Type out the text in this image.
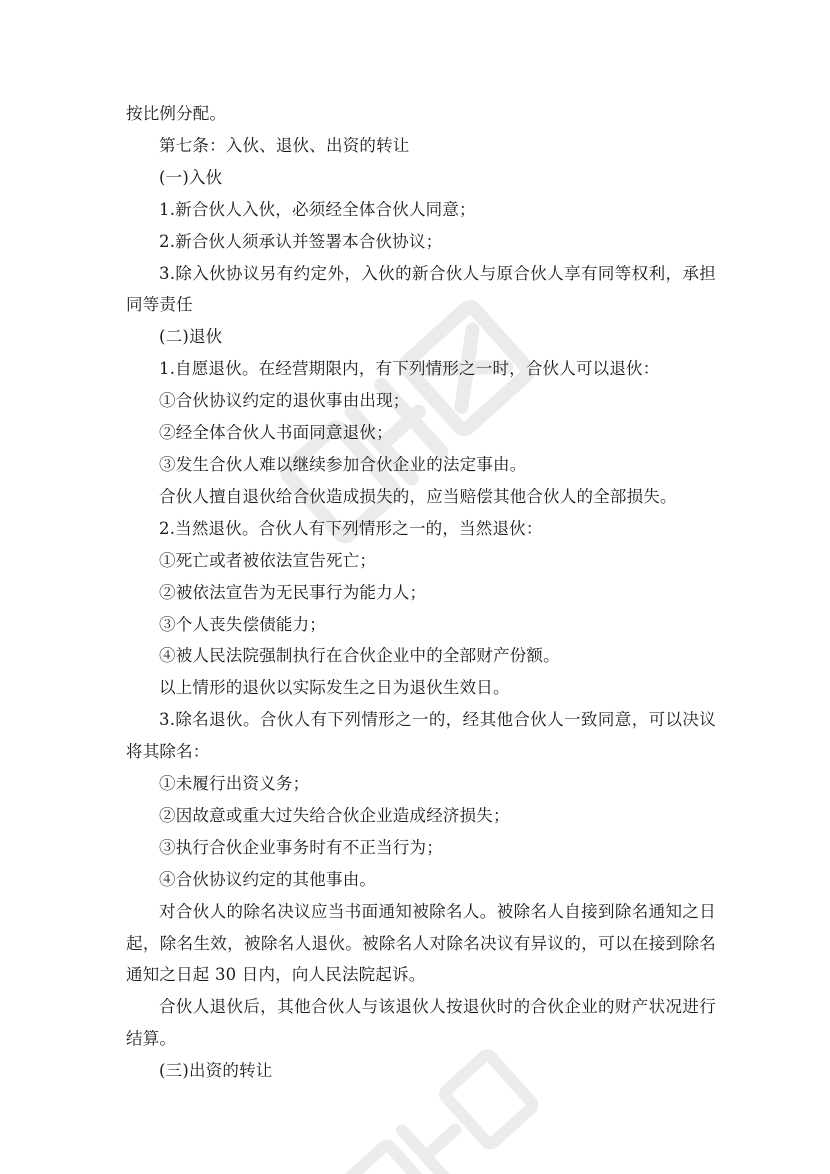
按比例分配。
第七条：入伙、退伙、出资的转让
(一)入伙
1.新合伙人入伙，必须经全体合伙人同意；
2.新合伙人须承认并签署本合伙协议；
3.除入伙协议另有约定外，入伙的新合伙人与原合伙人享有同等权利，承担同等责任
(二)退伙
1.自愿退伙。在经营期限内，有下列情形之一时，合伙人可以退伙：
①合伙协议约定的退伙事由出现；
②经全体合伙人书面同意退伙；
③发生合伙人难以继续参加合伙企业的法定事由。
合伙人擅自退伙给合伙造成损失的，应当赔偿其他合伙人的全部损失。
2.当然退伙。合伙人有下列情形之一的，当然退伙：
①死亡或者被依法宣告死亡；
②被依法宣告为无民事行为能力人；
③个人丧失偿债能力；
④被人民法院强制执行在合伙企业中的全部财产份额。
以上情形的退伙以实际发生之日为退伙生效日。
3.除名退伙。合伙人有下列情形之一的，经其他合伙人一致同意，可以决议将其除名：
①未履行出资义务；
②因故意或重大过失给合伙企业造成经济损失；
③执行合伙企业事务时有不正当行为；
④合伙协议约定的其他事由。
对合伙人的除名决议应当书面通知被除名人。被除名人自接到除名通知之日起，除名生效，被除名人退伙。被除名人对除名决议有异议的，可以在接到除名通知之日起 30 日内，向人民法院起诉。
合伙人退伙后，其他合伙人与该退伙人按退伙时的合伙企业的财产状况进行结算。
(三)出资的转让
